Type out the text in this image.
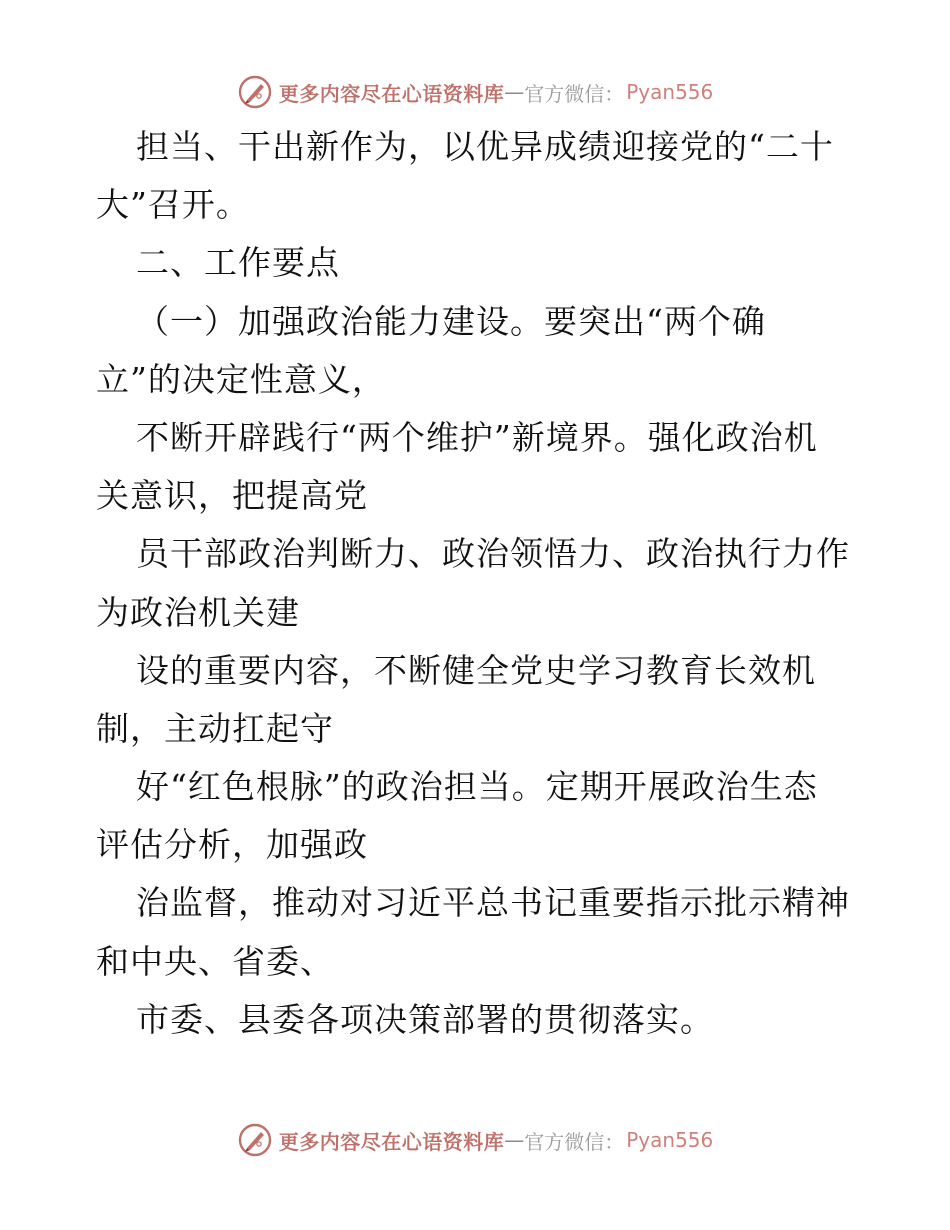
更多内容尽在心语资料库 — 官方微信： Pyan556
担当、干出新作为，以优异成绩迎接党的“二十
大”召开。
二、工作要点
（一）加强政治能力建设。要突出“两个确
立”的决定性意义，
不断开辟践行“两个维护”新境界。强化政治机
关意识，把提高党
员干部政治判断力、政治领悟力、政治执行力作
为政治机关建
设的重要内容，不断健全党史学习教育长效机
制，主动扛起守
好“红色根脉”的政治担当。定期开展政治生态
评估分析，加强政
治监督，推动对习近平总书记重要指示批示精神
和中央、省委、
市委、县委各项决策部署的贯彻落实。
更多内容尽在心语资料库 — 官方微信： Pyan556
